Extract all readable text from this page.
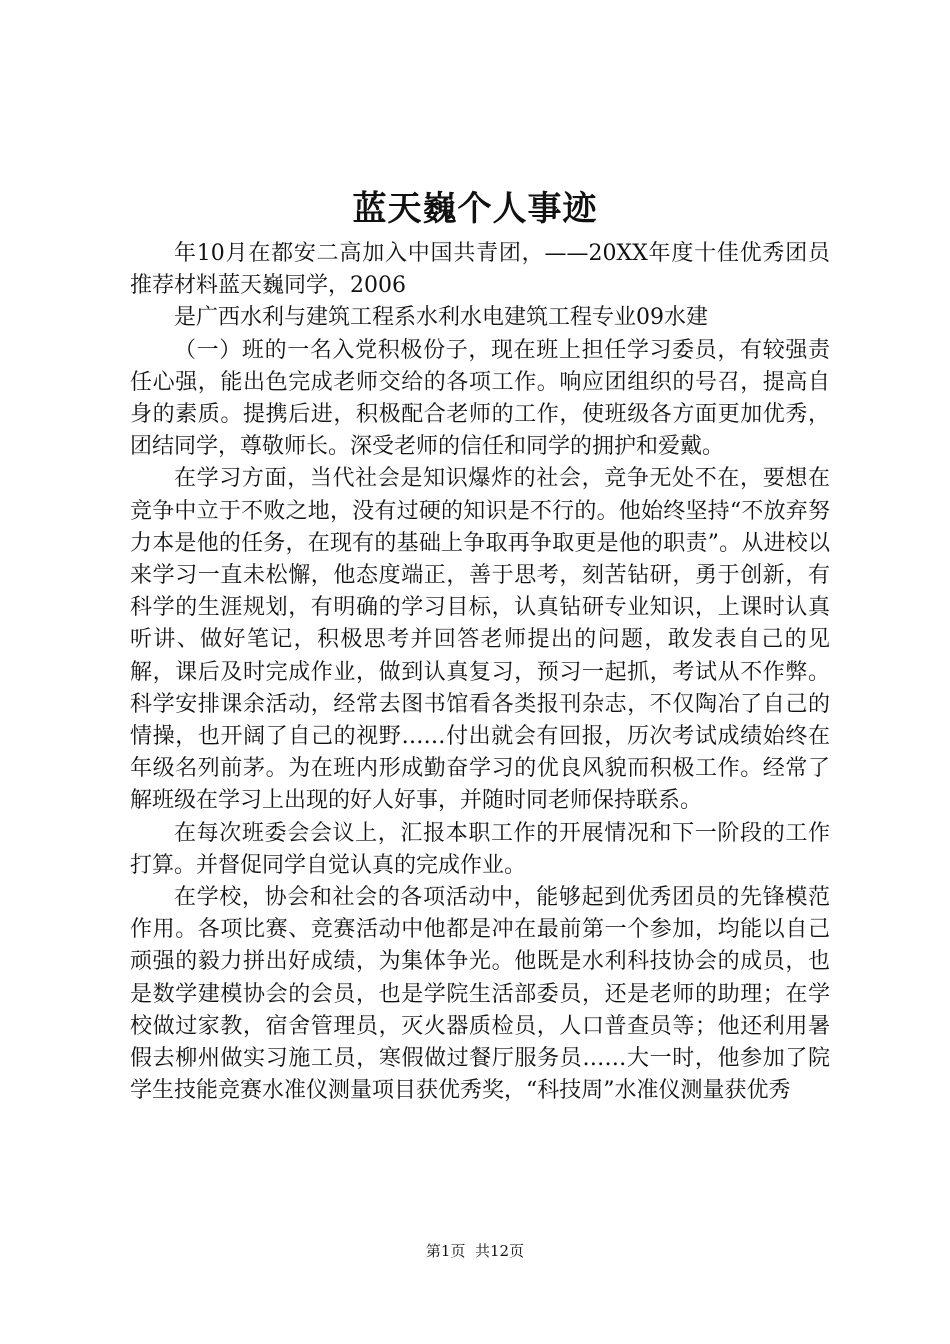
蓝天巍个人事迹

年10月在都安二高加入中国共青团，——20XX年度十佳优秀团员推荐材料蓝天巍同学，2006

是广西水利与建筑工程系水利水电建筑工程专业09水建

（一）班的一名入党积极份子，现在班上担任学习委员，有较强责任心强，能出色完成老师交给的各项工作。响应团组织的号召，提高自身的素质。提携后进，积极配合老师的工作，使班级各方面更加优秀，团结同学，尊敬师长。深受老师的信任和同学的拥护和爱戴。

在学习方面，当代社会是知识爆炸的社会，竞争无处不在，要想在竞争中立于不败之地，没有过硬的知识是不行的。他始终坚持“不放弃努力本是他的任务，在现有的基础上争取再争取更是他的职责”。从进校以来学习一直未松懈，他态度端正，善于思考，刻苦钻研，勇于创新，有科学的生涯规划，有明确的学习目标，认真钻研专业知识，上课时认真听讲、做好笔记，积极思考并回答老师提出的问题，敢发表自己的见解，课后及时完成作业，做到认真复习，预习一起抓，考试从不作弊。科学安排课余活动，经常去图书馆看各类报刊杂志，不仅陶冶了自己的情操，也开阔了自己的视野……付出就会有回报，历次考试成绩始终在年级名列前茅。为在班内形成勤奋学习的优良风貌而积极工作。经常了解班级在学习上出现的好人好事，并随时同老师保持联系。

在每次班委会会议上，汇报本职工作的开展情况和下一阶段的工作打算。并督促同学自觉认真的完成作业。

在学校，协会和社会的各项活动中，能够起到优秀团员的先锋模范作用。各项比赛、竞赛活动中他都是冲在最前第一个参加，均能以自己顽强的毅力拼出好成绩，为集体争光。他既是水利科技协会的成员，也是数学建模协会的会员，也是学院生活部委员，还是老师的助理；在学校做过家教，宿舍管理员，灭火器质检员，人口普查员等；他还利用暑假去柳州做实习施工员，寒假做过餐厅服务员……大一时，他参加了院学生技能竞赛水准仪测量项目获优秀奖，“科技周”水准仪测量获优秀

第1页  共12页
